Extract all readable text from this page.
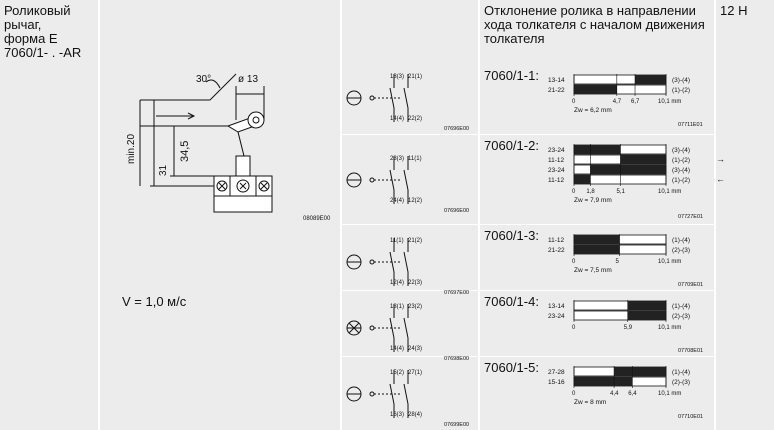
Роликовый
рычаг,
форма E
7060/1- . -AR
Отклонение ролика в направлении
хода толкателя с началом движения
толкателя
12 Н
V = 1,0 м/с
30°	ø 13
min.20	34,5
31
08089E00
13(3) 21(1)
14(4) 22(2)
07696E00
23(3) 11(1)
24(4) 12(2)
07696E00
11(1) 21(2)
12(4) 22(3)
07697E00
13(1) 23(2)
14(4) 24(3)
07698E00
15(2) 27(1)
16(3) 28(4)
07699E00
7060/1-1: 13-14	(3)-(4)
21-22	(1)-(2)
0	4,7 6,7	10,1 mm
Zw = 6,2 mm
07711E01
7060/1-2: 23-24	(3)-(4)
11-12	(1)-(2)
23-24	(3)-(4)
11-12	(1)-(2)
0 1,8	5,1	10,1 mm
Zw = 7,9 mm
→
←
07727E01
7060/1-3: 11-12	(1)-(4)
21-22	(2)-(3)
0	5	10,1 mm
Zw = 7,5 mm
07709E01
7060/1-4: 13-14	(1)-(4)
23-24	(2)-(3)
0	5,9	10,1 mm
07708E01
7060/1-5: 27-28	(1)-(4)
15-16	(2)-(3)
0	4,4 6,4	10,1 mm
Zw = 8 mm
07710E01
